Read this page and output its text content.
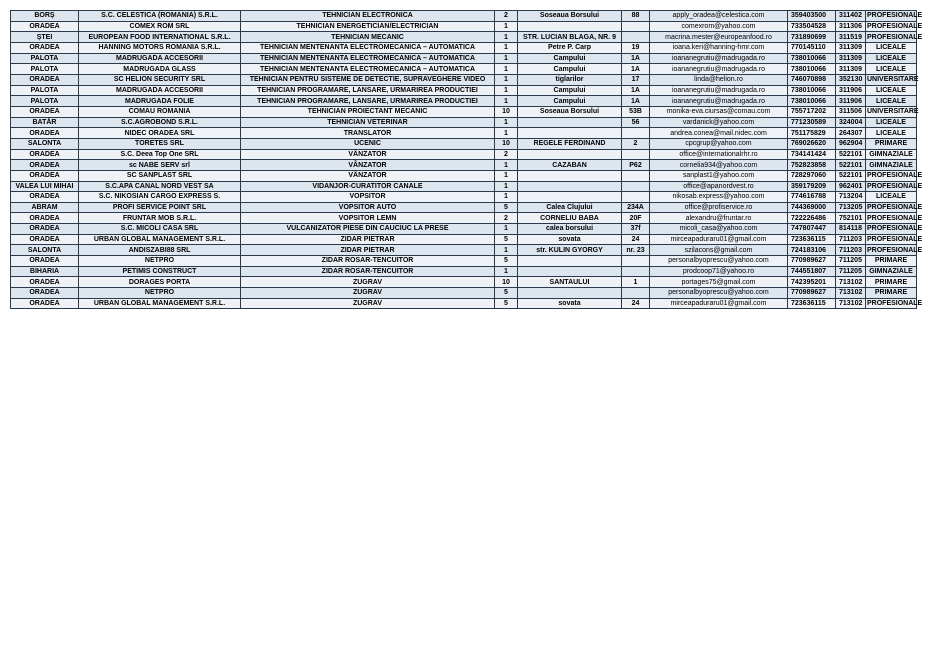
BORȘ	S.C. CELESTICA (ROMANIA) S.R.L.	TEHNICIAN ELECTRONICA	2	Soseaua Borsului	88	apply_oradea@celestica.com	359403500	311402	PROFESIONALE
ORADEA	COMEX ROM SRL	TEHNICIAN ENERGETICIAN/ELECTRICIAN	1			comexrom@yahoo.com	733504528	311306	PROFESIONALE
ȘTEI	EUROPEAN FOOD INTERNATIONAL S.R.L.	TEHNICIAN MECANIC	1	STR. LUCIAN BLAGA, NR. 9		macrina.mester@europeanfood.ro	731890699	311519	PROFESIONALE
ORADEA	HANNING MOTORS ROMANIA S.R.L.	TEHNICIAN MENTENANTA ELECTROMECANICA – AUTOMATICA	1	Petre P. Carp	19	ioana.keri@hanning-hmr.com	770145110	311309	LICEALE
PALOTA	MADRUGADA ACCESORII	TEHNICIAN MENTENANTA ELECTROMECANICA – AUTOMATICA	1	Campului	1A	ioananegrutiu@madrugada.ro	738010066	311309	LICEALE
PALOTA	MADRUGADA GLASS	TEHNICIAN MENTENANTA ELECTROMECANICA – AUTOMATICA	1	Campului	1A	ioananegrutiu@madrugada.ro	738010066	311309	LICEALE
ORADEA	SC HELION SECURITY SRL	TEHNICIAN PENTRU SISTEME DE DETECTIE, SUPRAVEGHERE VIDEO	1	tiglarilor	17	linda@helion.ro	746070898	352130	UNIVERSITARE
PALOTA	MADRUGADA ACCESORII	TEHNICIAN PROGRAMARE, LANSARE, URMARIREA PRODUCTIEI	1	Campului	1A	ioananegrutiu@madrugada.ro	738010066	311906	LICEALE
PALOTA	MADRUGADA FOLIE	TEHNICIAN PROGRAMARE, LANSARE, URMARIREA PRODUCTIEI	1	Campului	1A	ioananegrutiu@madrugada.ro	738010066	311906	LICEALE
ORADEA	COMAU ROMANIA	TEHNICIAN PROIECTANT MECANIC	10	Soseaua Borsului	53B	monika-eva.ciursas@comau.com	755717202	311506	UNIVERSITARE
BATĂR	S.C.AGROBOND S.R.L.	TEHNICIAN VETERINAR	1		56	vardanick@yahoo.com	771230589	324004	LICEALE
ORADEA	NIDEC ORADEA SRL	TRANSLATOR	1			andrea.conea@mail.nidec.com	751175829	264307	LICEALE
SALONTA	TORETES SRL	UCENIC	10	REGELE FERDINAND	2	cpcgrup@yahoo.com	769026620	962904	PRIMARE
ORADEA	S.C. Deea Top One SRL	VÂNZATOR	2			office@internationalrhr.ro	734141424	522101	GIMNAZIALE
ORADEA	sc NABE SERV srl	VÂNZATOR	1	CAZABAN	P62	cornelia934@yahoo.com	752823858	522101	GIMNAZIALE
ORADEA	SC SANPLAST SRL	VÂNZATOR	1			sanplast1@yahoo.com	728297060	522101	PROFESIONALE
VALEA LUI MIHAI	S.C.APA CANAL NORD VEST SA	VIDANJOR-CURATITOR CANALE	1			office@apanordvest.ro	359179209	962401	PROFESIONALE
ORADEA	S.C. NIKOSIAN CARGO EXPRESS S.	VOPSITOR	1			nikosab.express@yahoo.com	774616788	713204	LICEALE
ABRAM	PROFI SERVICE POINT SRL	VOPSITOR AUTO	5	Calea Clujului	234A	office@profiservice.ro	744369000	713205	PROFESIONALE
ORADEA	FRUNTAR MOB S.R.L.	VOPSITOR LEMN	2	CORNELIU BABA	20F	alexandru@fruntar.ro	722226486	752101	PROFESIONALE
ORADEA	S.C. MICOLI CASA SRL	VULCANIZATOR PIESE DIN CAUCIUC LA PRESE	1	calea borsului	37f	micoli_casa@yahoo.com	747807447	814118	PROFESIONALE
ORADEA	URBAN GLOBAL MANAGEMENT S.R.L.	ZIDAR PIETRAR	5	sovata	24	mirceapaduraru01@gmail.com	723636115	711203	PROFESIONALE
SALONTA	ANDISZABI88 SRL	ZIDAR PIETRAR	1	str. KULIN GYORGY	nr. 23	szilacons@gmail.com	724183106	711203	PROFESIONALE
ORADEA	NETPRO	ZIDAR ROSAR-TENCUITOR	5			personalbyoprescu@yahoo.com	770989627	711205	PRIMARE
BIHARIA	PETIMIS CONSTRUCT	ZIDAR ROSAR-TENCUITOR	1			prodcoop71@yahoo.ro	744551807	711205	GIMNAZIALE
ORADEA	DORAGES PORTA	ZUGRAV	10	SANTAULUI	1	portages75@gmail.com	742395201	713102	PRIMARE
ORADEA	NETPRO	ZUGRAV	5			personalbyoprescu@yahoo.com	770989627	713102	PRIMARE
ORADEA	URBAN GLOBAL MANAGEMENT S.R.L.	ZUGRAV	5	sovata	24	mirceapaduraru01@gmail.com	723636115	713102	PROFESIONALE
